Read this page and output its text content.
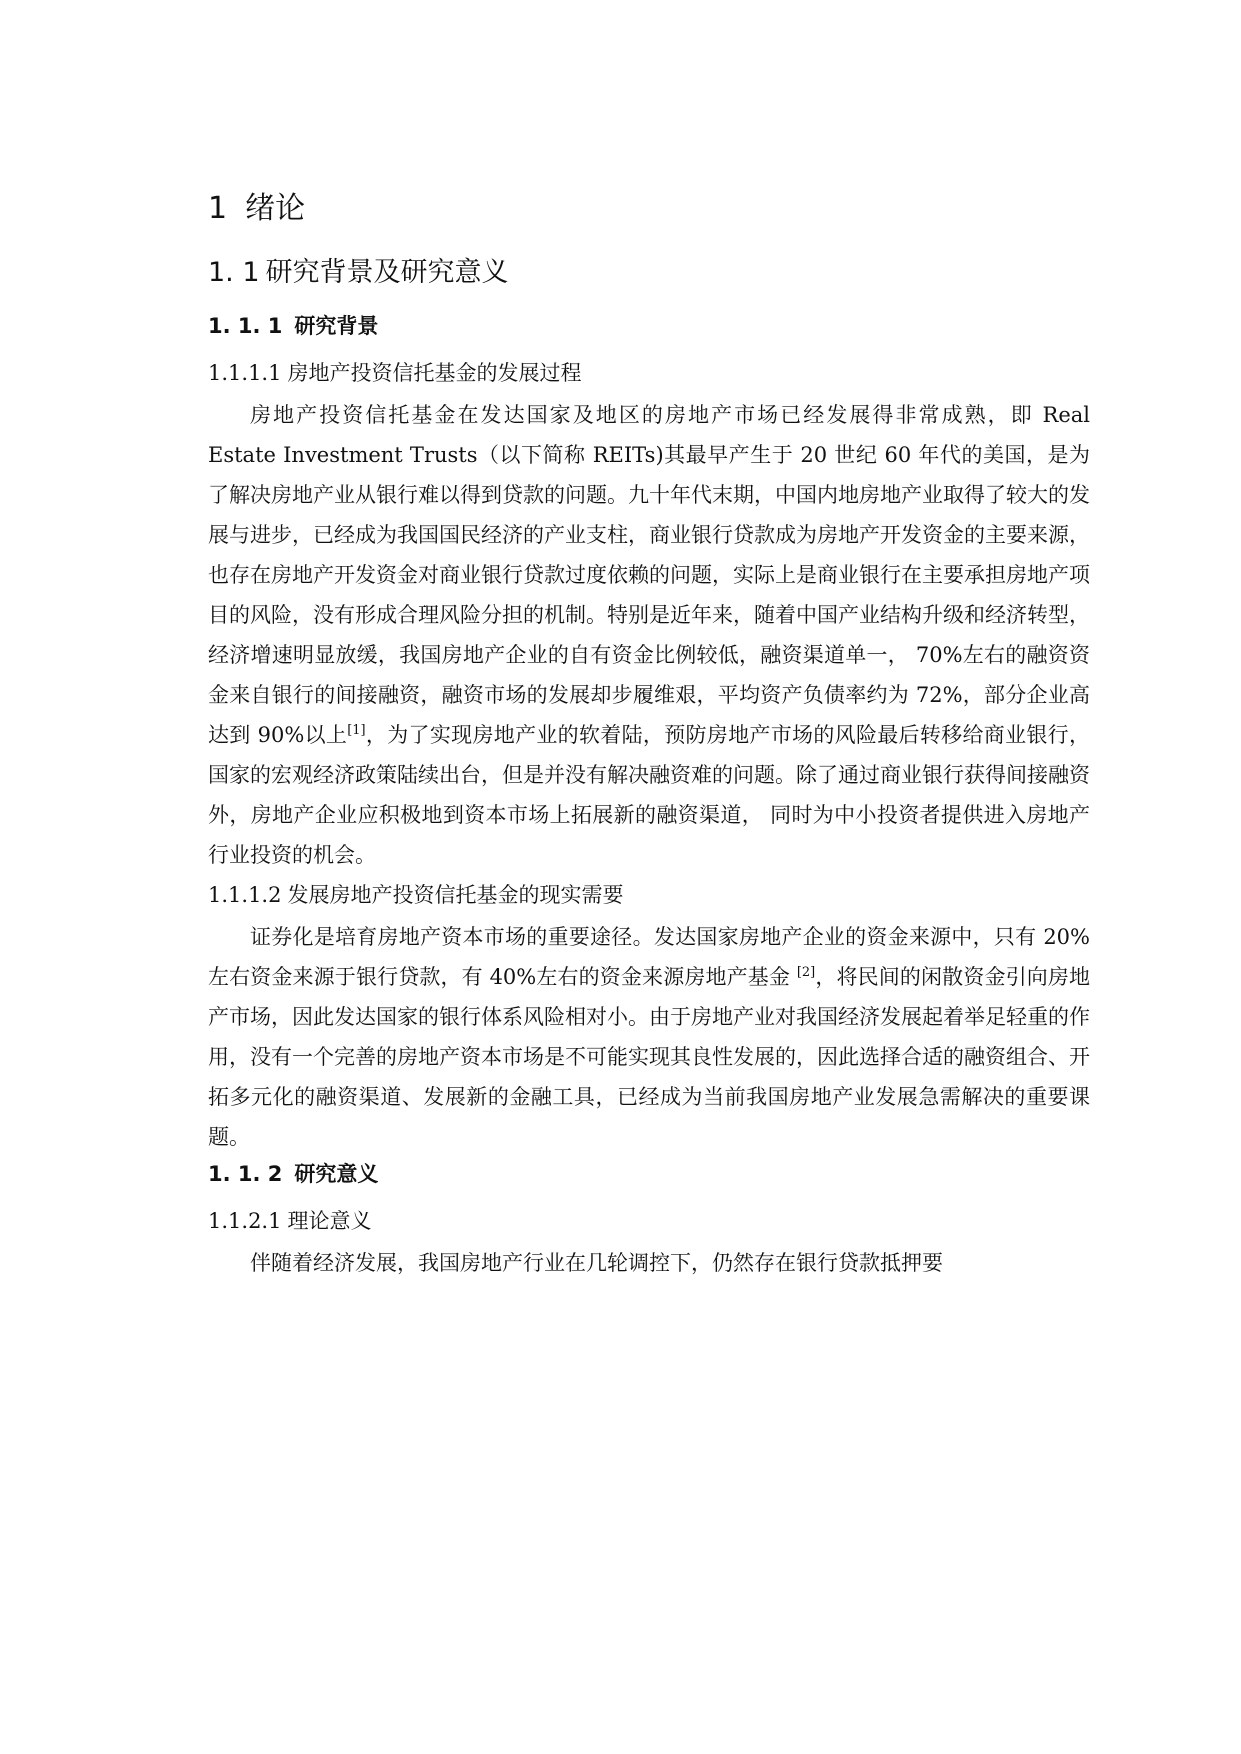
1 绪论
1. 1 研究背景及研究意义
1. 1. 1 研究背景
1.1.1.1 房地产投资信托基金的发展过程

房地产投资信托基金在发达国家及地区的房地产市场已经发展得非常成熟，即 Real Estate Investment Trusts（以下简称 REITs)其最早产生于 20 世纪 60 年代的美国，是为了解决房地产业从银行难以得到贷款的问题。九十年代末期，中国内地房地产业取得了较大的发展与进步，已经成为我国国民经济的产业支柱，商业银行贷款成为房地产开发资金的主要来源，也存在房地产开发资金对商业银行贷款过度依赖的问题，实际上是商业银行在主要承担房地产项目的风险，没有形成合理风险分担的机制。特别是近年来，随着中国产业结构升级和经济转型，经济增速明显放缓，我国房地产企业的自有资金比例较低，融资渠道单一， 70%左右的融资资金来自银行的间接融资，融资市场的发展却步履维艰，平均资产负债率约为 72%，部分企业高达到 90%以上[1]，为了实现房地产业的软着陆，预防房地产市场的风险最后转移给商业银行，国家的宏观经济政策陆续出台，但是并没有解决融资难的问题。除了通过商业银行获得间接融资外，房地产企业应积极地到资本市场上拓展新的融资渠道， 同时为中小投资者提供进入房地产行业投资的机会。

1.1.1.2 发展房地产投资信托基金的现实需要

证券化是培育房地产资本市场的重要途径。发达国家房地产企业的资金来源中，只有 20%左右资金来源于银行贷款，有 40%左右的资金来源房地产基金 [2]，将民间的闲散资金引向房地产市场，因此发达国家的银行体系风险相对小。由于房地产业对我国经济发展起着举足轻重的作用，没有一个完善的房地产资本市场是不可能实现其良性发展的，因此选择合适的融资组合、开拓多元化的融资渠道、发展新的金融工具，已经成为当前我国房地产业发展急需解决的重要课题。

1. 1. 2 研究意义
1.1.2.1 理论意义

伴随着经济发展，我国房地产行业在几轮调控下，仍然存在银行贷款抵押要
